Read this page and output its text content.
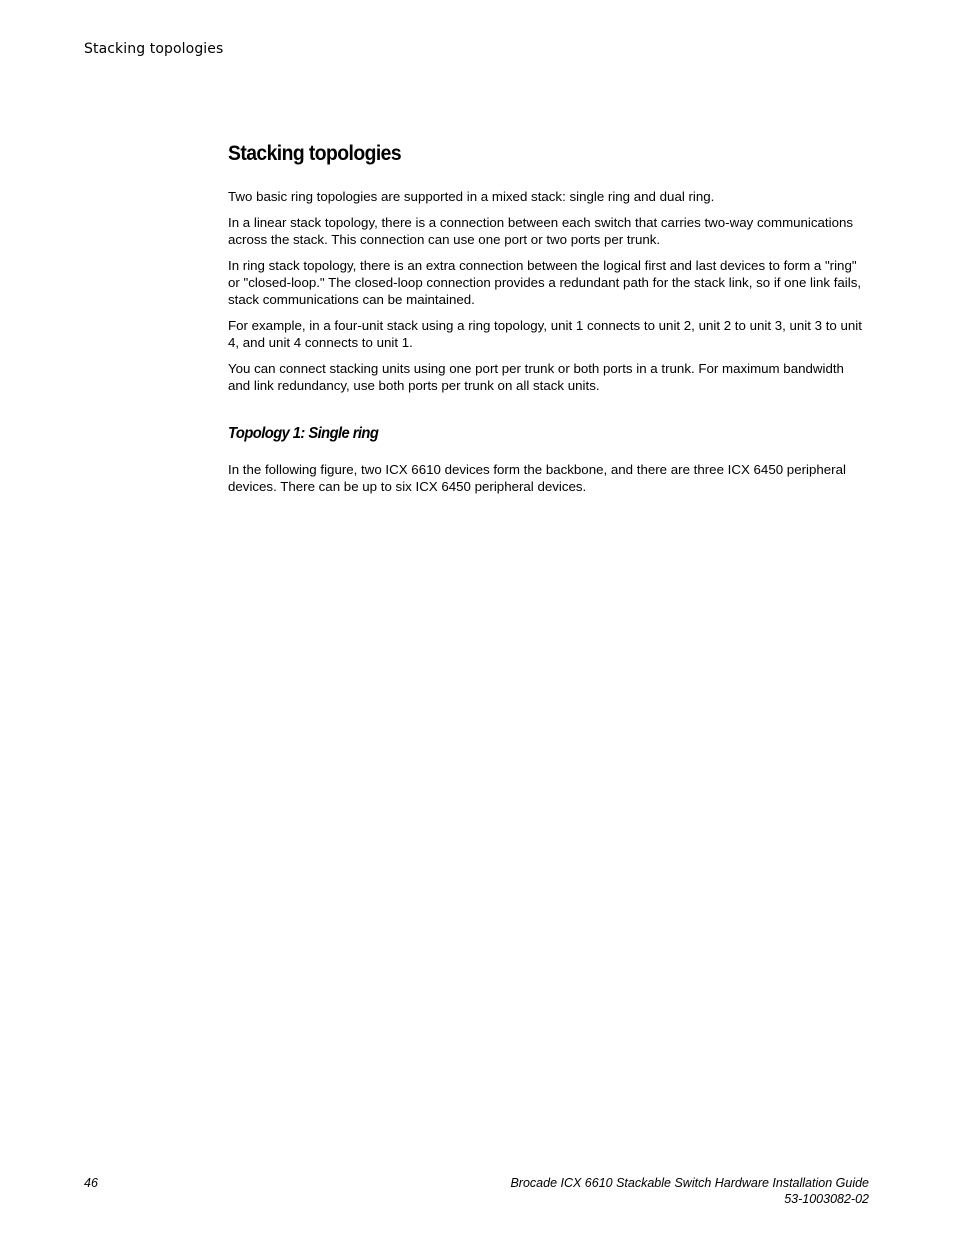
Stacking topologies
Stacking topologies

Two basic ring topologies are supported in a mixed stack: single ring and dual ring.

In a linear stack topology, there is a connection between each switch that carries two-way communications across the stack. This connection can use one port or two ports per trunk.

In ring stack topology, there is an extra connection between the logical first and last devices to form a "ring" or "closed-loop." The closed-loop connection provides a redundant path for the stack link, so if one link fails, stack communications can be maintained.

For example, in a four-unit stack using a ring topology, unit 1 connects to unit 2, unit 2 to unit 3, unit 3 to unit 4, and unit 4 connects to unit 1.

You can connect stacking units using one port per trunk or both ports in a trunk. For maximum bandwidth and link redundancy, use both ports per trunk on all stack units.

Topology 1: Single ring

In the following figure, two ICX 6610 devices form the backbone, and there are three ICX 6450 peripheral devices. There can be up to six ICX 6450 peripheral devices.

46	Brocade ICX 6610 Stackable Switch Hardware Installation Guide
53-1003082-02
